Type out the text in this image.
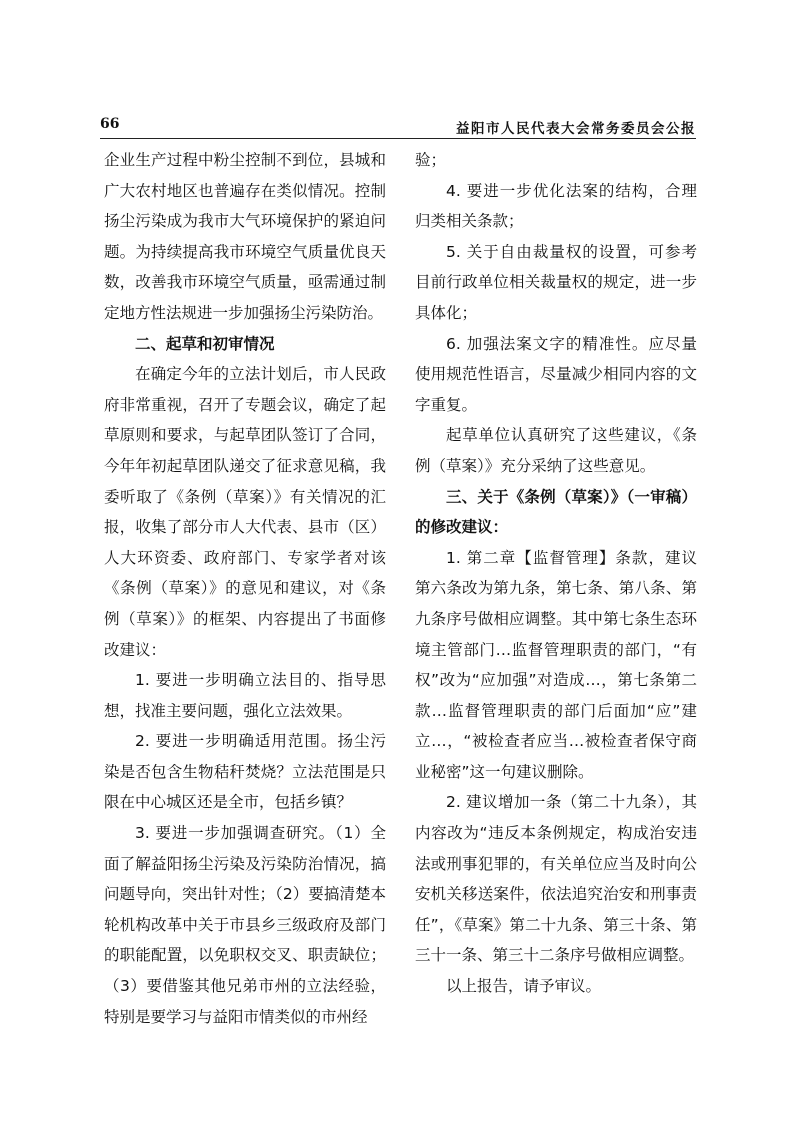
66	益阳市人民代表大会常务委员会公报

企业生产过程中粉尘控制不到位，县城和广大农村地区也普遍存在类似情况。控制扬尘污染成为我市大气环境保护的紧迫问题。为持续提高我市环境空气质量优良天数，改善我市环境空气质量，亟需通过制定地方性法规进一步加强扬尘污染防治。

二、起草和初审情况

在确定今年的立法计划后，市人民政府非常重视，召开了专题会议，确定了起草原则和要求，与起草团队签订了合同，今年年初起草团队递交了征求意见稿，我委听取了《条例（草案）》有关情况的汇报，收集了部分市人大代表、县市（区）人大环资委、政府部门、专家学者对该《条例（草案）》的意见和建议，对《条例（草案）》的框架、内容提出了书面修改建议：

1. 要进一步明确立法目的、指导思想，找准主要问题，强化立法效果。

2. 要进一步明确适用范围。扬尘污染是否包含生物秸秆焚烧？立法范围是只限在中心城区还是全市，包括乡镇？

3. 要进一步加强调查研究。（1）全面了解益阳扬尘污染及污染防治情况，搞问题导向，突出针对性；（2）要搞清楚本轮机构改革中关于市县乡三级政府及部门的职能配置，以免职权交叉、职责缺位；（3）要借鉴其他兄弟市州的立法经验，特别是要学习与益阳市情类似的市州经

验；

4. 要进一步优化法案的结构，合理归类相关条款；

5. 关于自由裁量权的设置，可参考目前行政单位相关裁量权的规定，进一步具体化；

6. 加强法案文字的精准性。应尽量使用规范性语言，尽量减少相同内容的文字重复。

起草单位认真研究了这些建议，《条例（草案）》充分采纳了这些意见。

三、关于《条例（草案）》（一审稿）的修改建议：

1. 第二章【监督管理】条款，建议第六条改为第九条，第七条、第八条、第九条序号做相应调整。其中第七条生态环境主管部门…监督管理职责的部门，“有权”改为“应加强”对造成…，第七条第二款…监督管理职责的部门后面加“应”建立…，“被检查者应当…被检查者保守商业秘密”这一句建议删除。

2. 建议增加一条（第二十九条），其内容改为“违反本条例规定，构成治安违法或刑事犯罪的，有关单位应当及时向公安机关移送案件，依法追究治安和刑事责任”，《草案》第二十九条、第三十条、第三十一条、第三十二条序号做相应调整。

以上报告，请予审议。
